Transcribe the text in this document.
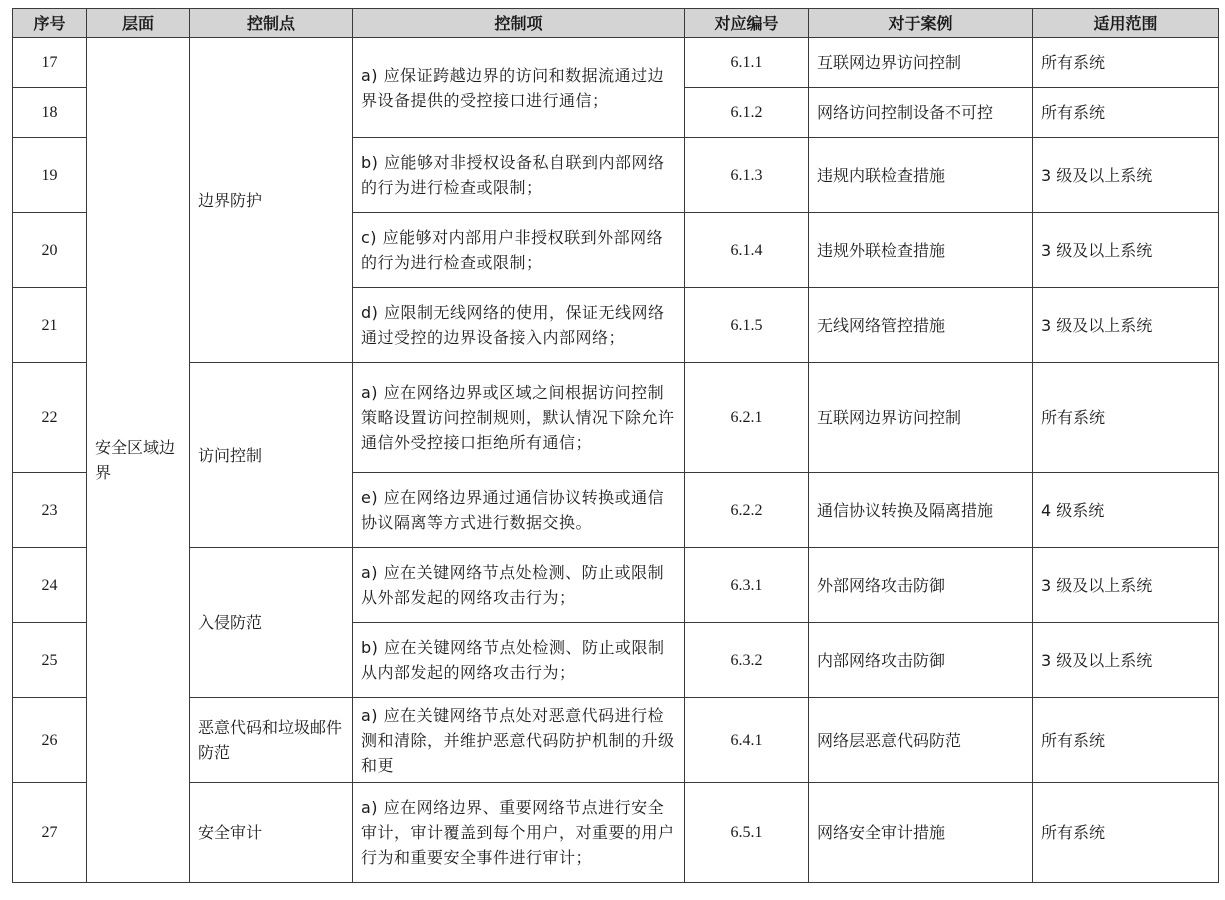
序号	层面	控制点	控制项	对应编号	对于案例	适用范围
17	安全区域边界	边界防护	a) 应保证跨越边界的访问和数据流通过边界设备提供的受控接口进行通信；	6.1.1	互联网边界访问控制	所有系统
18				6.1.2	网络访问控制设备不可控	所有系统
19			b) 应能够对非授权设备私自联到内部网络的行为进行检查或限制；	6.1.3	违规内联检查措施	3 级及以上系统
20			c) 应能够对内部用户非授权联到外部网络的行为进行检查或限制；	6.1.4	违规外联检查措施	3 级及以上系统
21			d) 应限制无线网络的使用，保证无线网络通过受控的边界设备接入内部网络；	6.1.5	无线网络管控措施	3 级及以上系统
22		访问控制	a) 应在网络边界或区域之间根据访问控制策略设置访问控制规则，默认情况下除允许通信外受控接口拒绝所有通信；	6.2.1	互联网边界访问控制	所有系统
23			e) 应在网络边界通过通信协议转换或通信协议隔离等方式进行数据交换。	6.2.2	通信协议转换及隔离措施	4 级系统
24		入侵防范	a) 应在关键网络节点处检测、防止或限制从外部发起的网络攻击行为；	6.3.1	外部网络攻击防御	3 级及以上系统
25			b) 应在关键网络节点处检测、防止或限制从内部发起的网络攻击行为；	6.3.2	内部网络攻击防御	3 级及以上系统
26		恶意代码和垃圾邮件防范	a) 应在关键网络节点处对恶意代码进行检测和清除，并维护恶意代码防护机制的升级和更	6.4.1	网络层恶意代码防范	所有系统
27		安全审计	a) 应在网络边界、重要网络节点进行安全审计，审计覆盖到每个用户，对重要的用户行为和重要安全事件进行审计；	6.5.1	网络安全审计措施	所有系统
